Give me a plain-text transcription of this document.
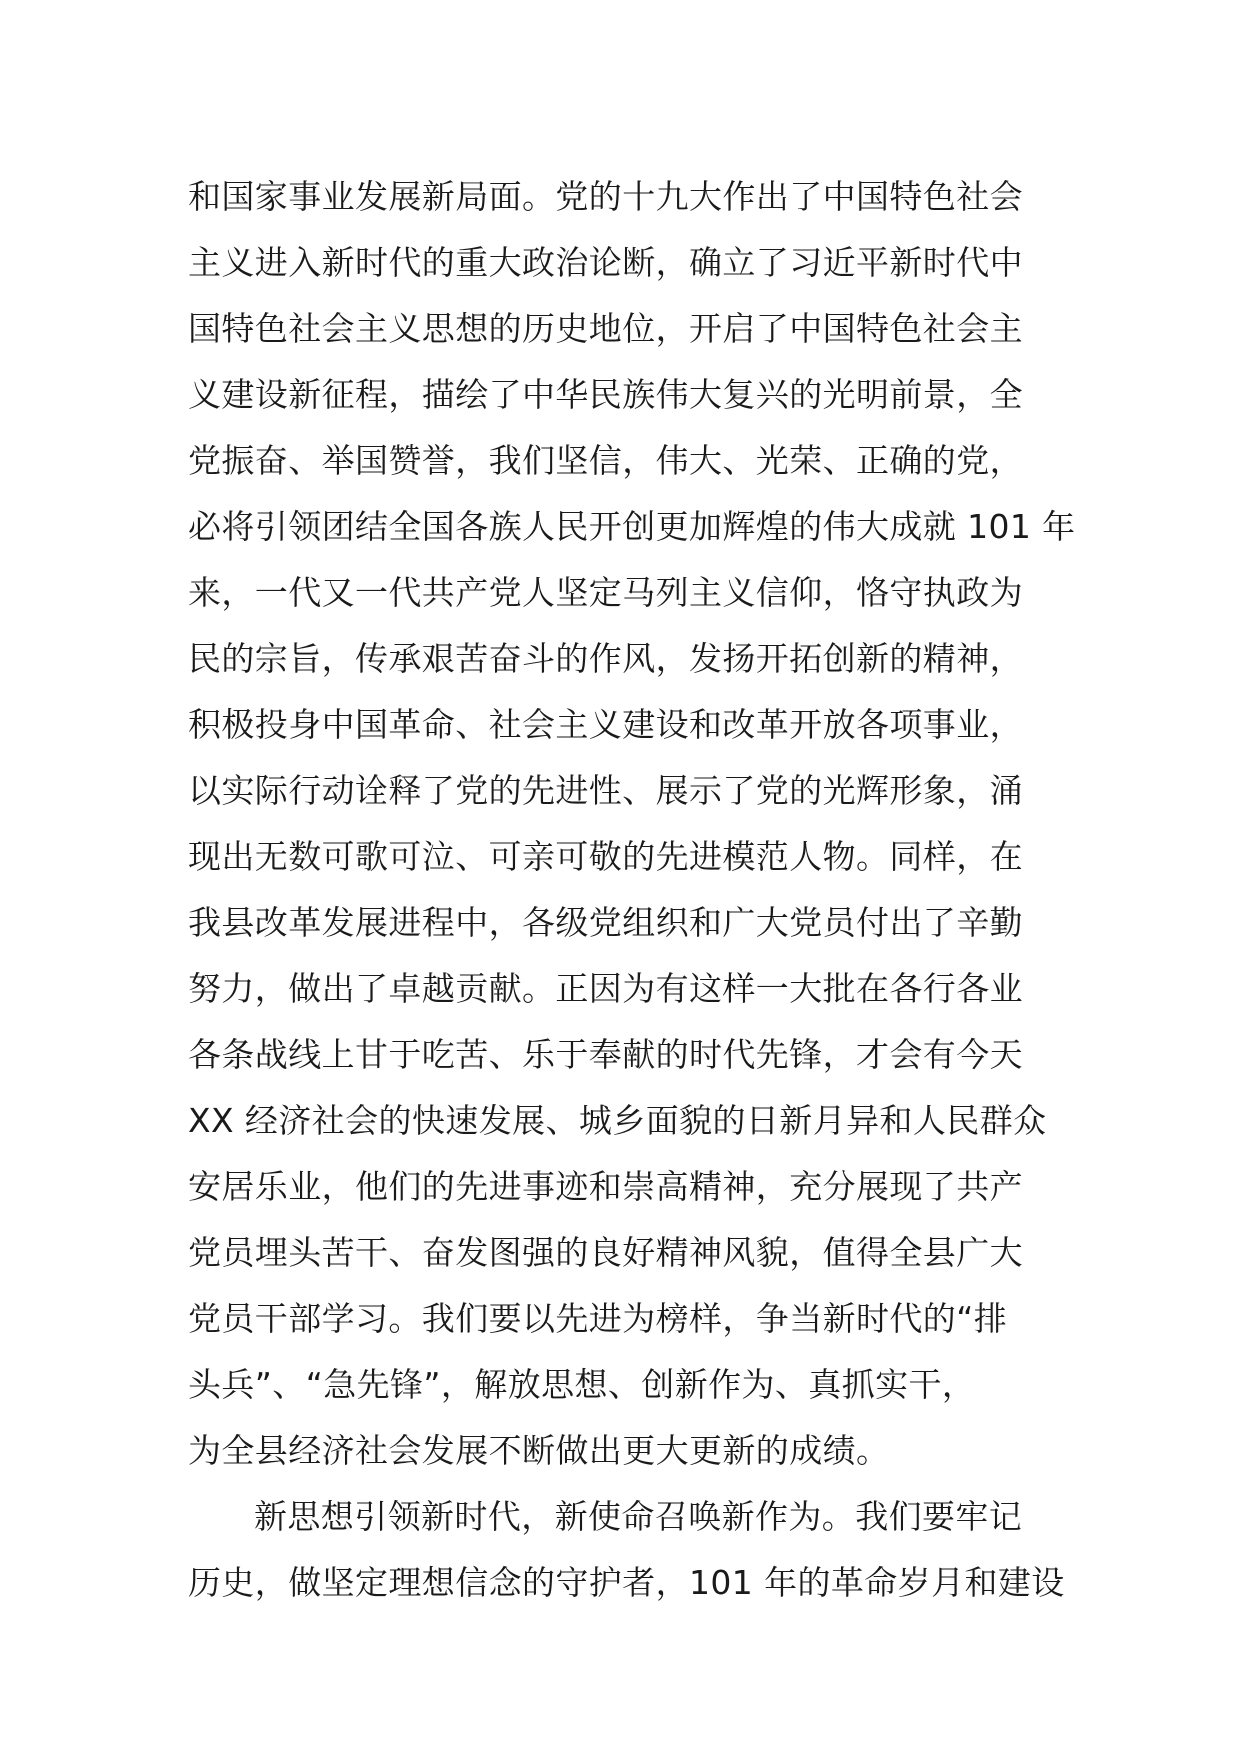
和国家事业发展新局面。党的十九大作出了中国特色社会
主义进入新时代的重大政治论断，确立了习近平新时代中
国特色社会主义思想的历史地位，开启了中国特色社会主
义建设新征程，描绘了中华民族伟大复兴的光明前景，全
党振奋、举国赞誉，我们坚信，伟大、光荣、正确的党，
必将引领团结全国各族人民开创更加辉煌的伟大成就 101 年
来，一代又一代共产党人坚定马列主义信仰，恪守执政为
民的宗旨，传承艰苦奋斗的作风，发扬开拓创新的精神，
积极投身中国革命、社会主义建设和改革开放各项事业，
以实际行动诠释了党的先进性、展示了党的光辉形象，涌
现出无数可歌可泣、可亲可敬的先进模范人物。同样，在
我县改革发展进程中，各级党组织和广大党员付出了辛勤
努力，做出了卓越贡献。正因为有这样一大批在各行各业
各条战线上甘于吃苦、乐于奉献的时代先锋，才会有今天
XX 经济社会的快速发展、城乡面貌的日新月异和人民群众
安居乐业，他们的先进事迹和崇高精神，充分展现了共产
党员埋头苦干、奋发图强的良好精神风貌，值得全县广大
党员干部学习。我们要以先进为榜样，争当新时代的“排
头兵”、“急先锋”，解放思想、创新作为、真抓实干，
为全县经济社会发展不断做出更大更新的成绩。
新思想引领新时代，新使命召唤新作为。我们要牢记
历史，做坚定理想信念的守护者，101 年的革命岁月和建设
